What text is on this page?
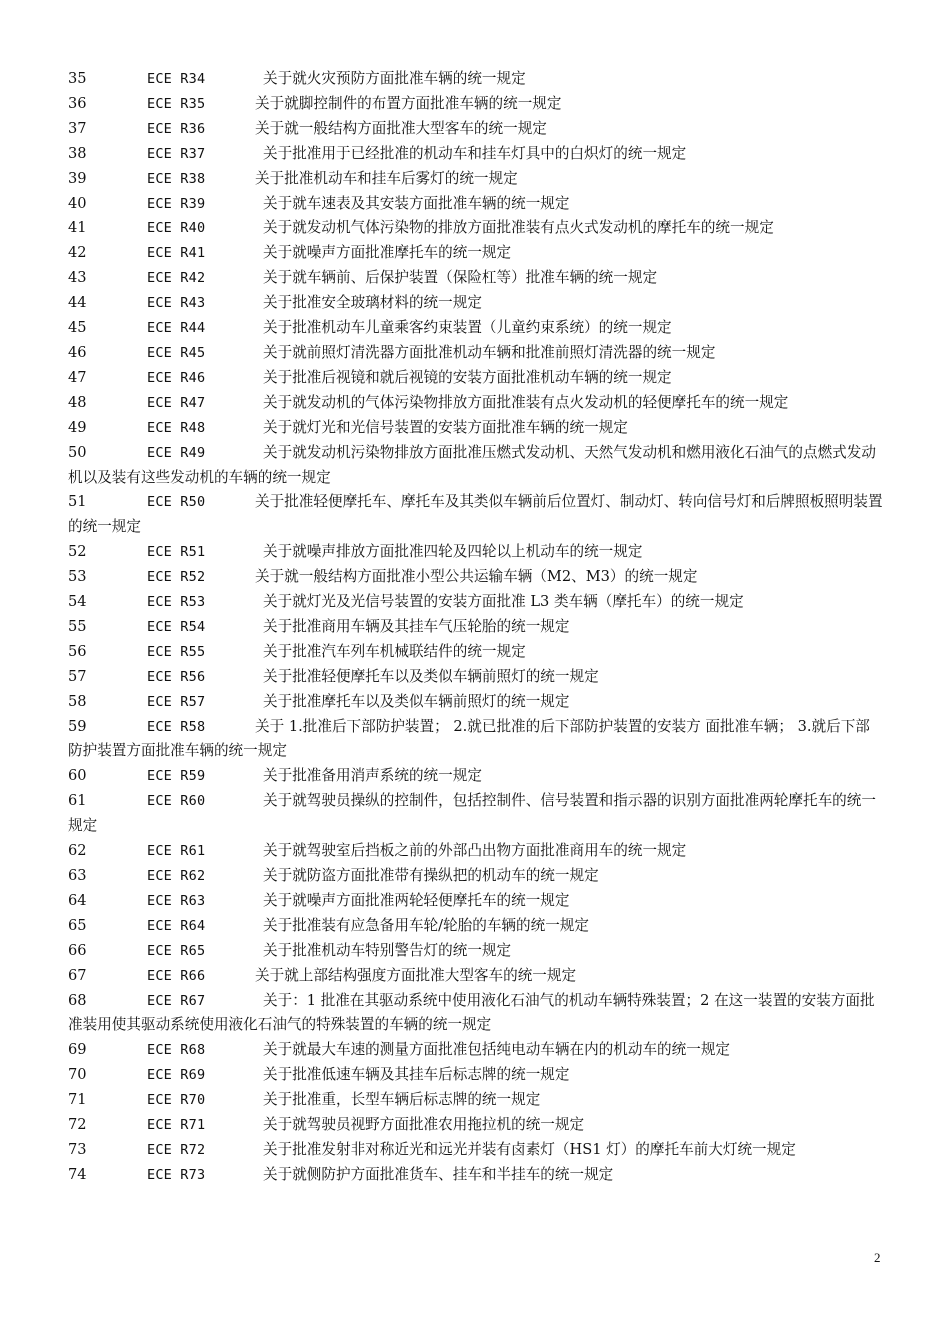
35	ECE R34	关于就火灾预防方面批准车辆的统一规定
36	ECE R35	关于就脚控制件的布置方面批准车辆的统一规定
37	ECE R36	关于就一般结构方面批准大型客车的统一规定
38	ECE R37	关于批准用于已经批准的机动车和挂车灯具中的白炽灯的统一规定
39	ECE R38	关于批准机动车和挂车后雾灯的统一规定
40	ECE R39	关于就车速表及其安装方面批准车辆的统一规定
41	ECE R40	关于就发动机气体污染物的排放方面批准装有点火式发动机的摩托车的统一规定
42	ECE R41	关于就噪声方面批准摩托车的统一规定
43	ECE R42	关于就车辆前、后保护装置（保险杠等）批准车辆的统一规定
44	ECE R43	关于批准安全玻璃材料的统一规定
45	ECE R44	关于批准机动车儿童乘客约束装置（儿童约束系统）的统一规定
46	ECE R45	关于就前照灯清洗器方面批准机动车辆和批准前照灯清洗器的统一规定
47	ECE R46	关于批准后视镜和就后视镜的安装方面批准机动车辆的统一规定
48	ECE R47	关于就发动机的气体污染物排放方面批准装有点火发动机的轻便摩托车的统一规定
49	ECE R48	关于就灯光和光信号装置的安装方面批准车辆的统一规定
50	ECE R49	关于就发动机污染物排放方面批准压燃式发动机、天然气发动机和燃用液化石油气的点燃式发动机以及装有这些发动机的车辆的统一规定
51	ECE R50	关于批准轻便摩托车、摩托车及其类似车辆前后位置灯、制动灯、转向信号灯和后牌照板照明装置的统一规定
52	ECE R51	关于就噪声排放方面批准四轮及四轮以上机动车的统一规定
53	ECE R52	关于就一般结构方面批准小型公共运输车辆（M2、M3）的统一规定
54	ECE R53	关于就灯光及光信号装置的安装方面批准 L3 类车辆（摩托车）的统一规定
55	ECE R54	关于批准商用车辆及其挂车气压轮胎的统一规定
56	ECE R55	关于批准汽车列车机械联结件的统一规定
57	ECE R56	关于批准轻便摩托车以及类似车辆前照灯的统一规定
58	ECE R57	关于批准摩托车以及类似车辆前照灯的统一规定
59	ECE R58	关于 1.批准后下部防护装置； 2.就已批准的后下部防护装置的安装方 面批准车辆； 3.就后下部防护装置方面批准车辆的统一规定
60	ECE R59	关于批准备用消声系统的统一规定
61	ECE R60	关于就驾驶员操纵的控制件，包括控制件、信号装置和指示器的识别方面批准两轮摩托车的统一规定
62	ECE R61	关于就驾驶室后挡板之前的外部凸出物方面批准商用车的统一规定
63	ECE R62	关于就防盗方面批准带有操纵把的机动车的统一规定
64	ECE R63	关于就噪声方面批准两轮轻便摩托车的统一规定
65	ECE R64	关于批准装有应急备用车轮/轮胎的车辆的统一规定
66	ECE R65	关于批准机动车特别警告灯的统一规定
67	ECE R66	关于就上部结构强度方面批准大型客车的统一规定
68	ECE R67	关于：1 批准在其驱动系统中使用液化石油气的机动车辆特殊装置；2 在这一装置的安装方面批准装用使其驱动系统使用液化石油气的特殊装置的车辆的统一规定
69	ECE R68	关于就最大车速的测量方面批准包括纯电动车辆在内的机动车的统一规定
70	ECE R69	关于批准低速车辆及其挂车后标志牌的统一规定
71	ECE R70	关于批准重，长型车辆后标志牌的统一规定
72	ECE R71	关于就驾驶员视野方面批准农用拖拉机的统一规定
73	ECE R72	关于批准发射非对称近光和远光并装有卤素灯（HS1 灯）的摩托车前大灯统一规定
74	ECE R73	关于就侧防护方面批准货车、挂车和半挂车的统一规定
2
